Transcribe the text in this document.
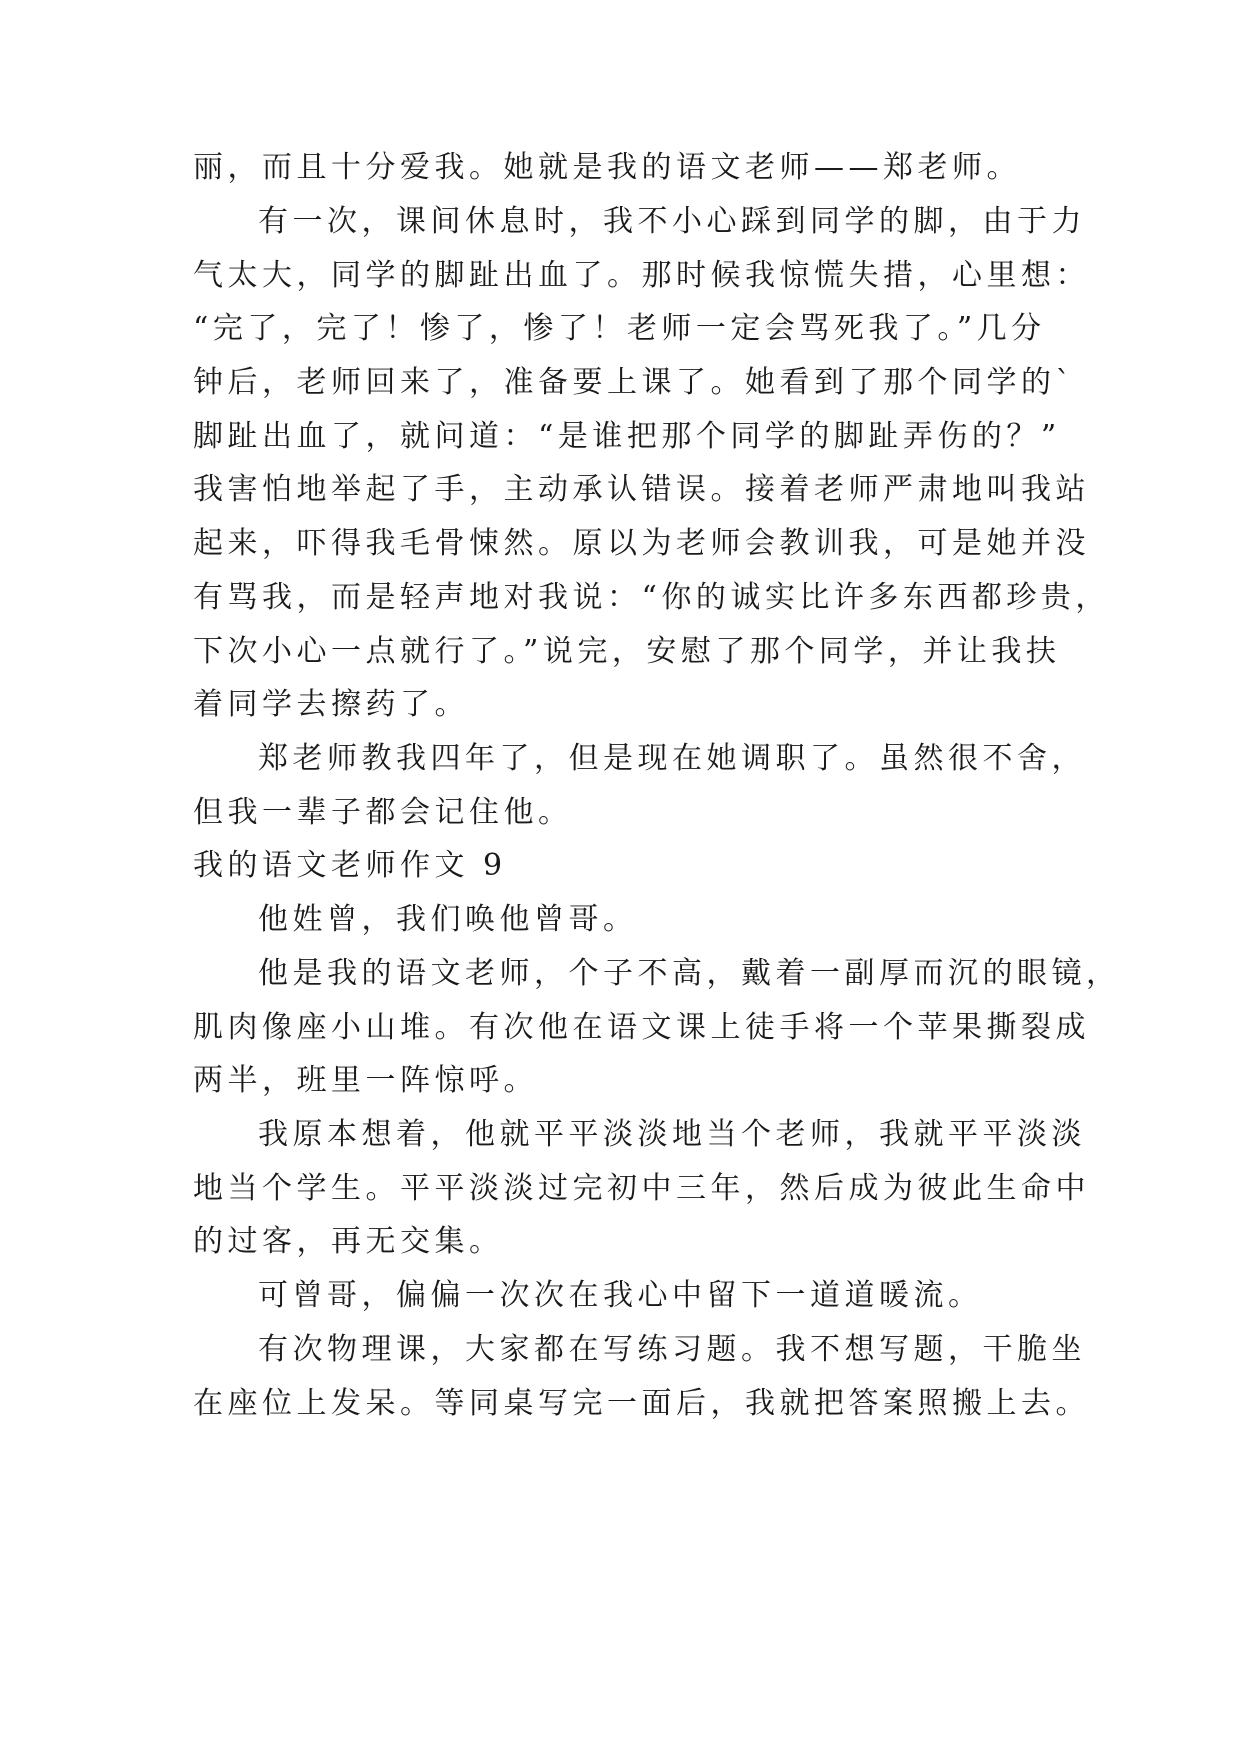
丽，而且十分爱我。她就是我的语文老师——郑老师。

有一次，课间休息时，我不小心踩到同学的脚，由于力

气太大，同学的脚趾出血了。那时候我惊慌失措，心里想：

“完了，完了！惨了，惨了！老师一定会骂死我了。”几分

钟后，老师回来了，准备要上课了。她看到了那个同学的`

脚趾出血了，就问道：“是谁把那个同学的脚趾弄伤的？”

我害怕地举起了手，主动承认错误。接着老师严肃地叫我站

起来，吓得我毛骨悚然。原以为老师会教训我，可是她并没

有骂我，而是轻声地对我说：“你的诚实比许多东西都珍贵，

下次小心一点就行了。”说完，安慰了那个同学，并让我扶

着同学去擦药了。

郑老师教我四年了，但是现在她调职了。虽然很不舍，

但我一辈子都会记住他。

我的语文老师作文 9

他姓曾，我们唤他曾哥。

他是我的语文老师，个子不高，戴着一副厚而沉的眼镜，

肌肉像座小山堆。有次他在语文课上徒手将一个苹果撕裂成

两半，班里一阵惊呼。

我原本想着，他就平平淡淡地当个老师，我就平平淡淡

地当个学生。平平淡淡过完初中三年，然后成为彼此生命中

的过客，再无交集。

可曾哥，偏偏一次次在我心中留下一道道暖流。

有次物理课，大家都在写练习题。我不想写题，干脆坐

在座位上发呆。等同桌写完一面后，我就把答案照搬上去。
